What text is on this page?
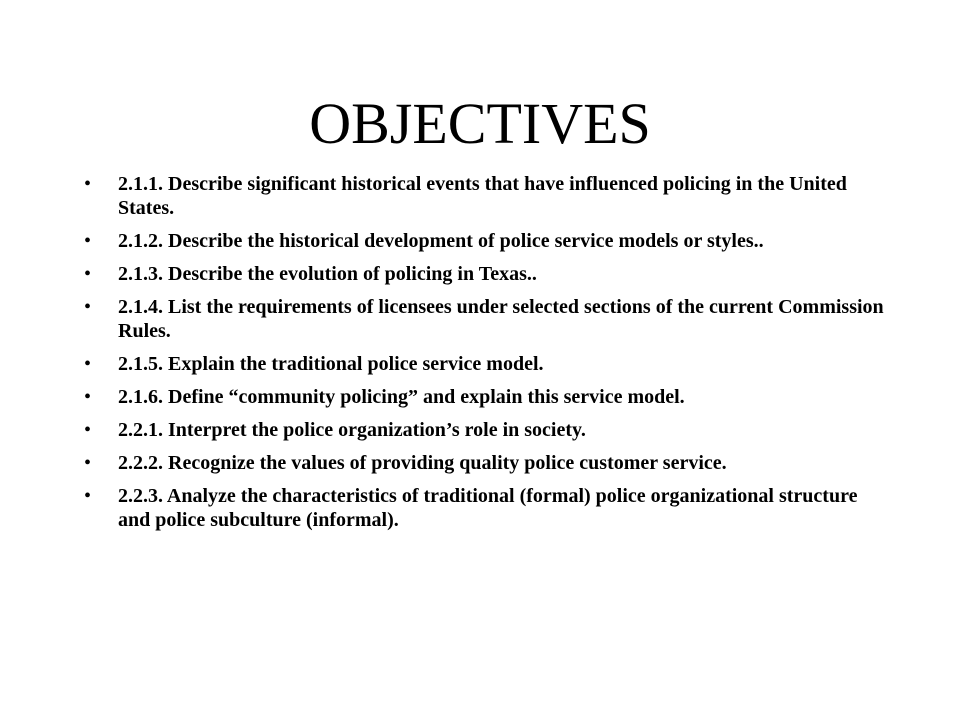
OBJECTIVES
• 2.1.1. Describe significant historical events that have influenced policing in the United States.
• 2.1.2. Describe the historical development of police service models or styles..
• 2.1.3. Describe the evolution of policing in Texas..
• 2.1.4. List the requirements of licensees under selected sections of the current Commission Rules.
• 2.1.5. Explain the traditional police service model.
• 2.1.6. Define “community policing” and explain this service model.
• 2.2.1. Interpret the police organization’s role in society.
• 2.2.2. Recognize the values of providing quality police customer service.
• 2.2.3. Analyze the characteristics of traditional (formal) police organizational structure and police subculture (informal).
